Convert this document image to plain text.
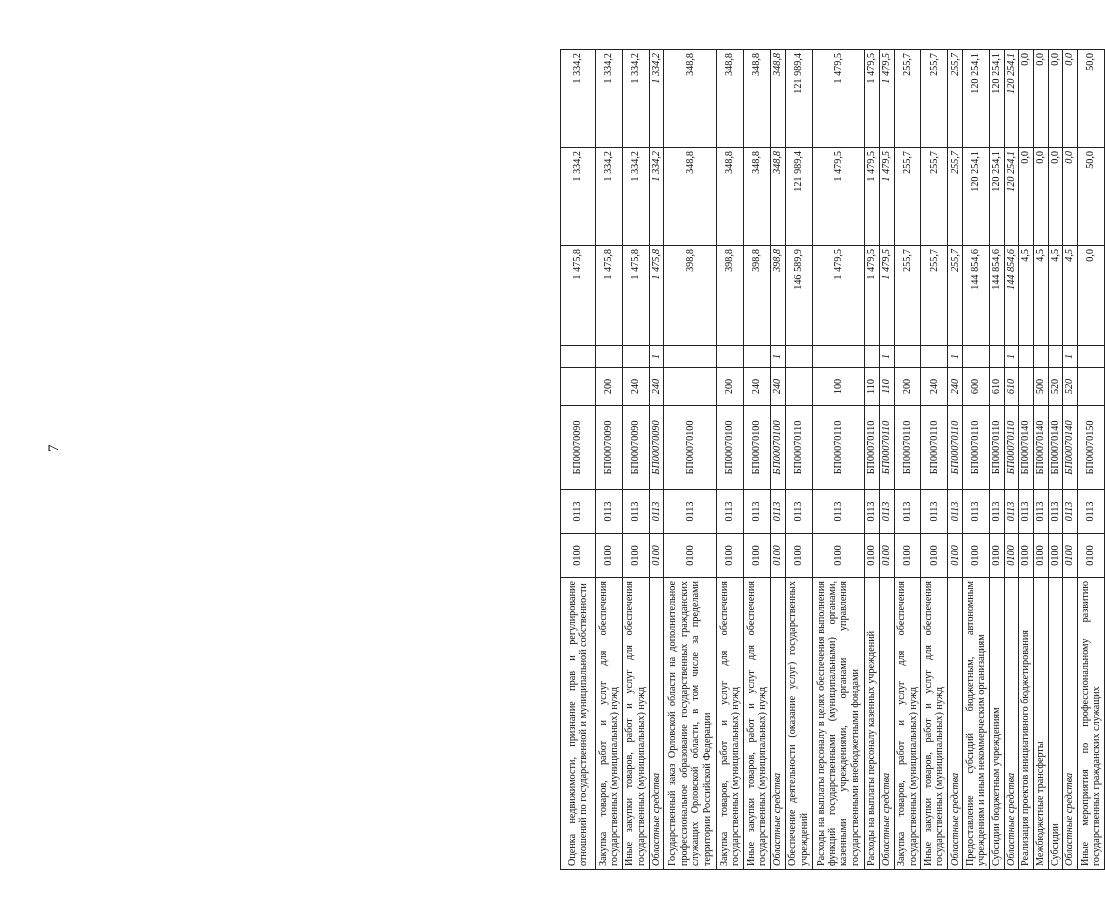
7
Оценка недвижимости, признание прав и регулирование отношений по государственной и муниципальной собственности	0100	0113	БП00070090			1 475,8	1 334,2	1 334,2
Закупка товаров, работ и услуг для обеспечения государственных (муниципальных) нужд	0100	0113	БП00070090	200		1 475,8	1 334,2	1 334,2
Иные закупки товаров, работ и услуг для обеспечения государственных (муниципальных) нужд	0100	0113	БП00070090	240		1 475,8	1 334,2	1 334,2
Областные средства	0100	0113	БП00070090	240	1	1 475,8	1 334,2	1 334,2
Государственный заказ Орловской области на дополнительное профессиональное образование государственных гражданских служащих Орловской области, в том числе за пределами территории Российской Федерации	0100	0113	БП00070100			398,8	348,8	348,8
Закупка товаров, работ и услуг для обеспечения государственных (муниципальных) нужд	0100	0113	БП00070100	200		398,8	348,8	348,8
Иные закупки товаров, работ и услуг для обеспечения государственных (муниципальных) нужд	0100	0113	БП00070100	240		398,8	348,8	348,8
Областные средства	0100	0113	БП00070100	240	1	398,8	348,8	348,8
Обеспечение деятельности (оказание услуг) государственных учреждений	0100	0113	БП00070110			146 589,9	121 989,4	121 989,4
Расходы на выплаты персоналу в целях обеспечения выполнения функций государственными (муниципальными) органами, казенными учреждениями, органами управления государственными внебюджетными фондами	0100	0113	БП00070110	100		1 479,5	1 479,5	1 479,5
Расходы на выплаты персоналу казенных учреждений	0100	0113	БП00070110	110		1 479,5	1 479,5	1 479,5
Областные средства	0100	0113	БП00070110	110	1	1 479,5	1 479,5	1 479,5
Закупка товаров, работ и услуг для обеспечения государственных (муниципальных) нужд	0100	0113	БП00070110	200		255,7	255,7	255,7
Иные закупки товаров, работ и услуг для обеспечения государственных (муниципальных) нужд	0100	0113	БП00070110	240		255,7	255,7	255,7
Областные средства	0100	0113	БП00070110	240	1	255,7	255,7	255,7
Предоставление субсидий бюджетным, автономным учреждениям и иным некоммерческим организациям	0100	0113	БП00070110	600		144 854,6	120 254,1	120 254,1
Субсидии бюджетным учреждениям	0100	0113	БП00070110	610		144 854,6	120 254,1	120 254,1
Областные средства	0100	0113	БП00070110	610	1	144 854,6	120 254,1	120 254,1
Реализация проектов инициативного бюджетирования	0100	0113	БП00070140			4,5	0,0	0,0
Межбюджетные трансферты	0100	0113	БП00070140	500		4,5	0,0	0,0
Субсидии	0100	0113	БП00070140	520		4,5	0,0	0,0
Областные средства	0100	0113	БП00070140	520	1	4,5	0,0	0,0
Иные мероприятия по профессиональному развитию государственных гражданских служащих	0100	0113	БП00070150			0,0	50,0	50,0
